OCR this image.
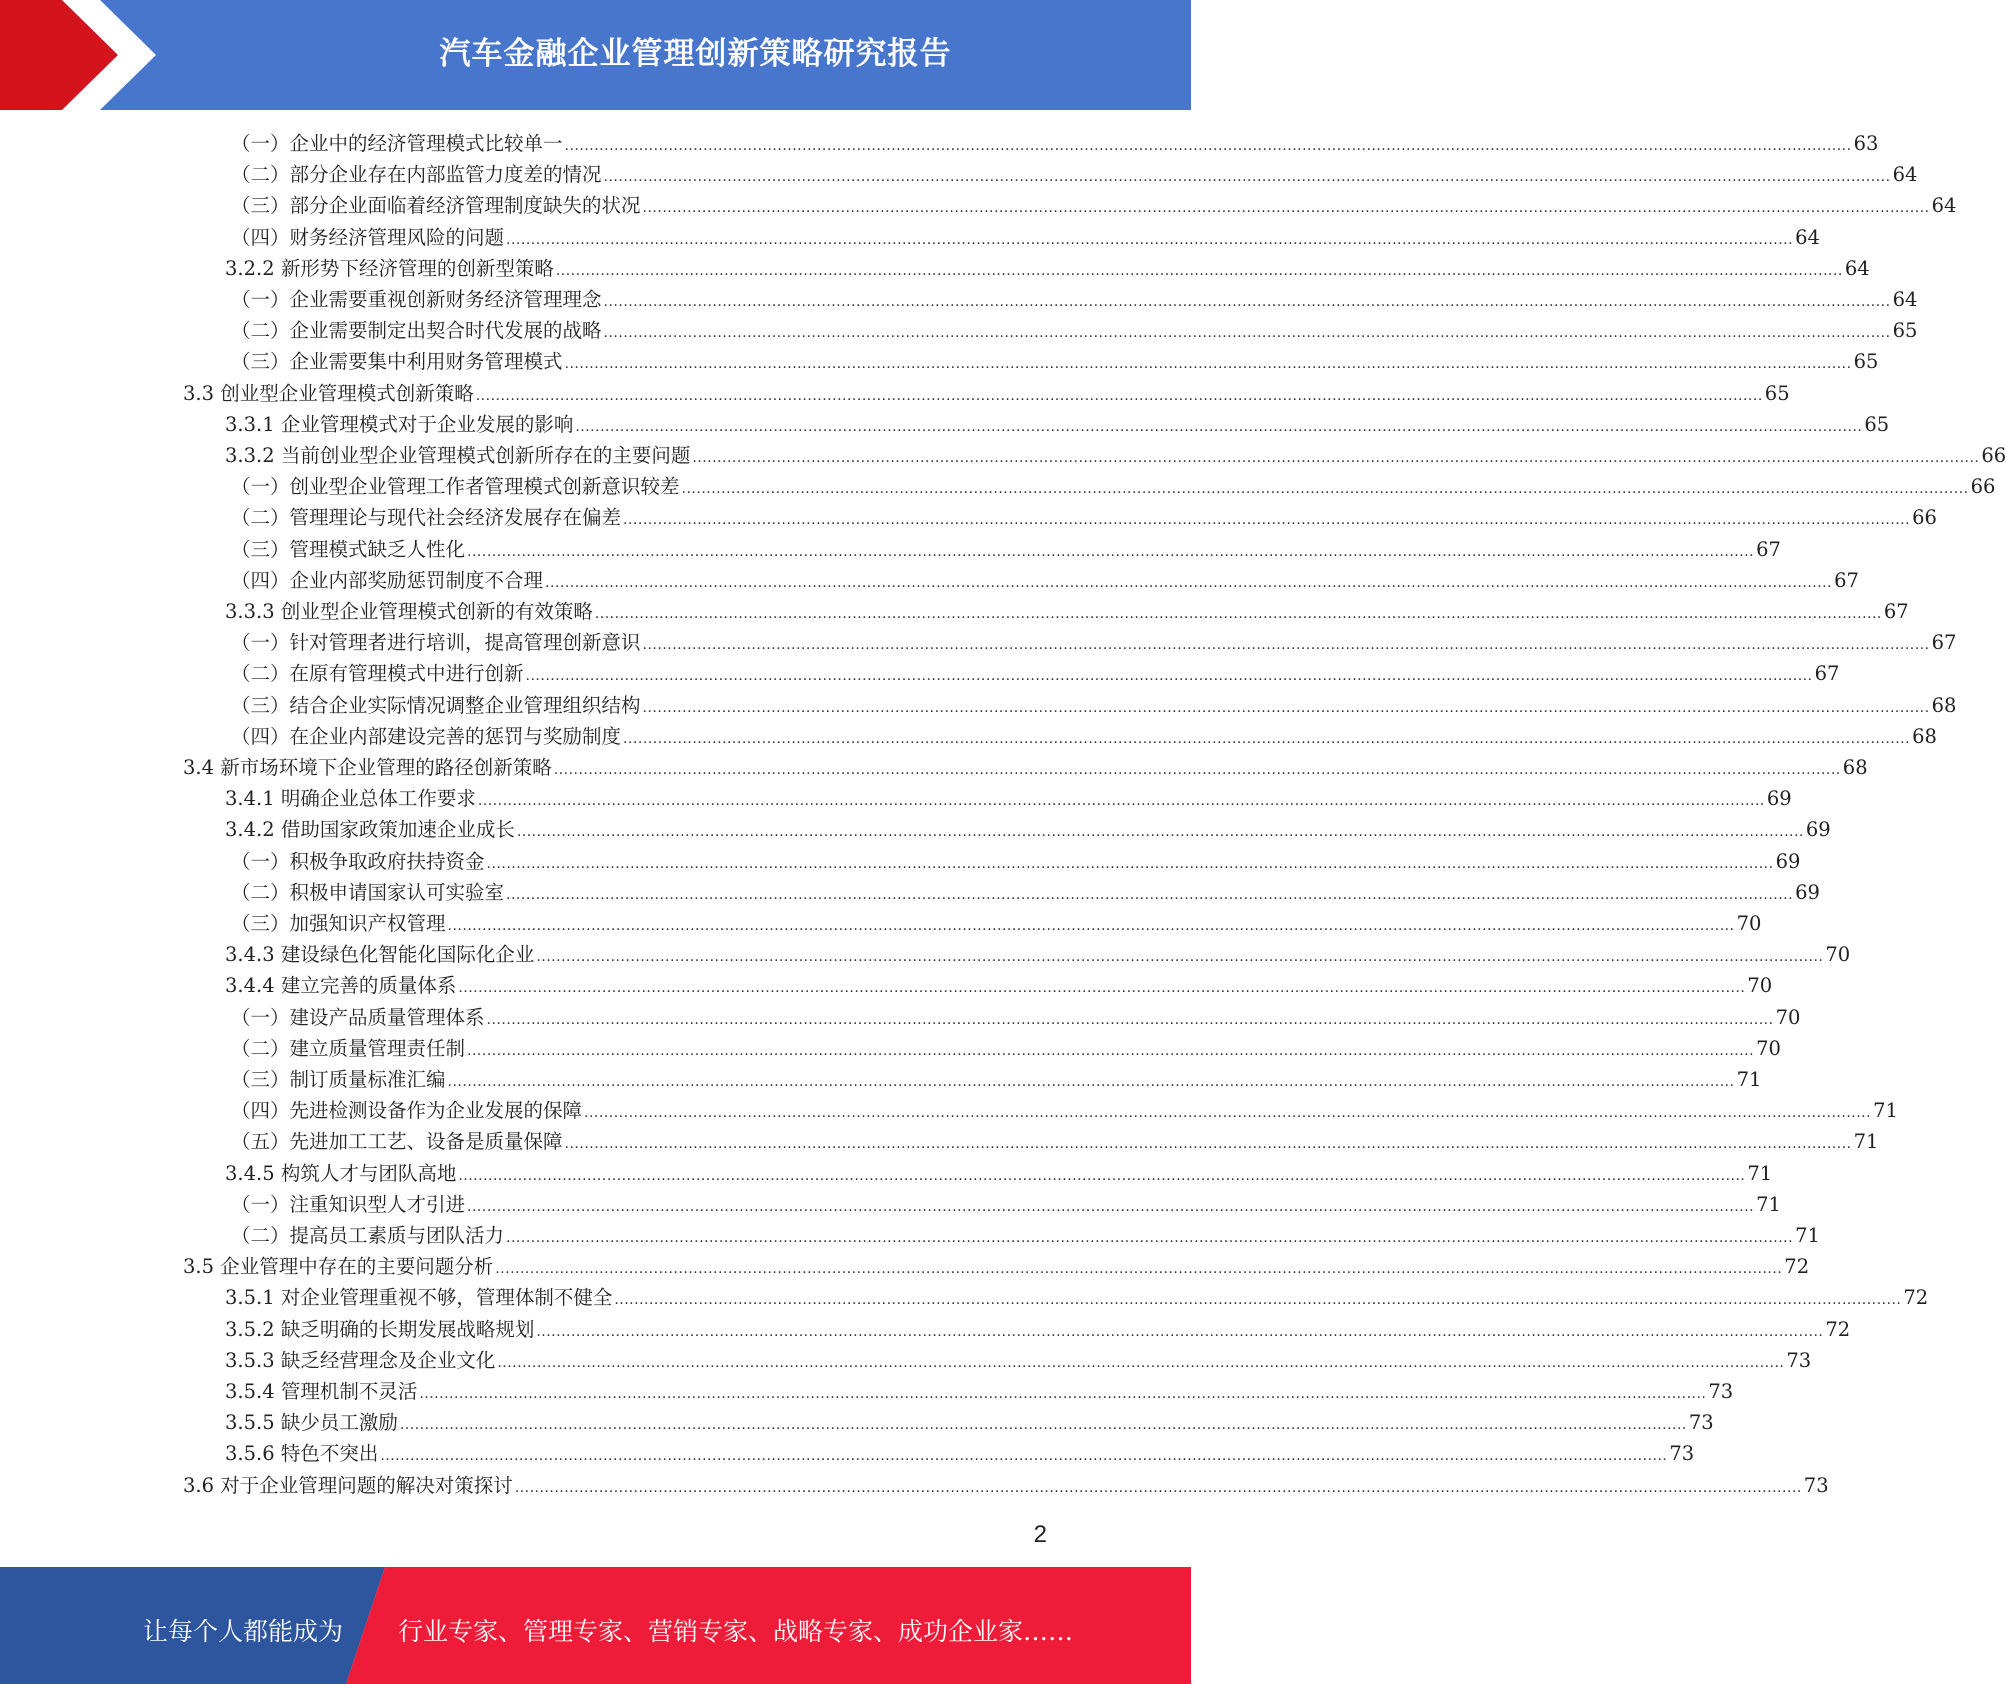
汽车金融企业管理创新策略研究报告
（一）企业中的经济管理模式比较单一 .................................................................................................................................................................................................................................................................... 63
（二）部分企业存在内部监管力度差的情况 .................................................................................................................................................................................................................................................................... 64
（三）部分企业面临着经济管理制度缺失的状况 .................................................................................................................................................................................................................................................................... 64
（四）财务经济管理风险的问题 .................................................................................................................................................................................................................................................................... 64
3.2.2 新形势下经济管理的创新型策略 .................................................................................................................................................................................................................................................................... 64
（一）企业需要重视创新财务经济管理理念 .................................................................................................................................................................................................................................................................... 64
（二）企业需要制定出契合时代发展的战略 .................................................................................................................................................................................................................................................................... 65
（三）企业需要集中利用财务管理模式 .................................................................................................................................................................................................................................................................... 65
3.3 创业型企业管理模式创新策略 .................................................................................................................................................................................................................................................................... 65
3.3.1 企业管理模式对于企业发展的影响 .................................................................................................................................................................................................................................................................... 65
3.3.2 当前创业型企业管理模式创新所存在的主要问题 .................................................................................................................................................................................................................................................................... 66
（一）创业型企业管理工作者管理模式创新意识较差 .................................................................................................................................................................................................................................................................... 66
（二）管理理论与现代社会经济发展存在偏差 .................................................................................................................................................................................................................................................................... 66
（三）管理模式缺乏人性化 .................................................................................................................................................................................................................................................................... 67
（四）企业内部奖励惩罚制度不合理 .................................................................................................................................................................................................................................................................... 67
3.3.3 创业型企业管理模式创新的有效策略 .................................................................................................................................................................................................................................................................... 67
（一）针对管理者进行培训，提高管理创新意识 .................................................................................................................................................................................................................................................................... 67
（二）在原有管理模式中进行创新 .................................................................................................................................................................................................................................................................... 67
（三）结合企业实际情况调整企业管理组织结构 .................................................................................................................................................................................................................................................................... 68
（四）在企业内部建设完善的惩罚与奖励制度 .................................................................................................................................................................................................................................................................... 68
3.4 新市场环境下企业管理的路径创新策略 .................................................................................................................................................................................................................................................................... 68
3.4.1 明确企业总体工作要求 .................................................................................................................................................................................................................................................................... 69
3.4.2 借助国家政策加速企业成长 .................................................................................................................................................................................................................................................................... 69
（一）积极争取政府扶持资金 .................................................................................................................................................................................................................................................................... 69
（二）积极申请国家认可实验室 .................................................................................................................................................................................................................................................................... 69
（三）加强知识产权管理 .................................................................................................................................................................................................................................................................... 70
3.4.3 建设绿色化智能化国际化企业 .................................................................................................................................................................................................................................................................... 70
3.4.4 建立完善的质量体系 .................................................................................................................................................................................................................................................................... 70
（一）建设产品质量管理体系 .................................................................................................................................................................................................................................................................... 70
（二）建立质量管理责任制 .................................................................................................................................................................................................................................................................... 70
（三）制订质量标准汇编 .................................................................................................................................................................................................................................................................... 71
（四）先进检测设备作为企业发展的保障 .................................................................................................................................................................................................................................................................... 71
（五）先进加工工艺、设备是质量保障 .................................................................................................................................................................................................................................................................... 71
3.4.5 构筑人才与团队高地 .................................................................................................................................................................................................................................................................... 71
（一）注重知识型人才引进 .................................................................................................................................................................................................................................................................... 71
（二）提高员工素质与团队活力 .................................................................................................................................................................................................................................................................... 71
3.5 企业管理中存在的主要问题分析 .................................................................................................................................................................................................................................................................... 72
3.5.1 对企业管理重视不够，管理体制不健全 .................................................................................................................................................................................................................................................................... 72
3.5.2 缺乏明确的长期发展战略规划 .................................................................................................................................................................................................................................................................... 72
3.5.3 缺乏经营理念及企业文化 .................................................................................................................................................................................................................................................................... 73
3.5.4 管理机制不灵活 .................................................................................................................................................................................................................................................................... 73
3.5.5 缺少员工激励 .................................................................................................................................................................................................................................................................... 73
3.5.6 特色不突出 .................................................................................................................................................................................................................................................................... 73
3.6 对于企业管理问题的解决对策探讨 .................................................................................................................................................................................................................................................................... 73
2
让每个人都能成为 行业专家、管理专家、营销专家、战略专家、成功企业家……
